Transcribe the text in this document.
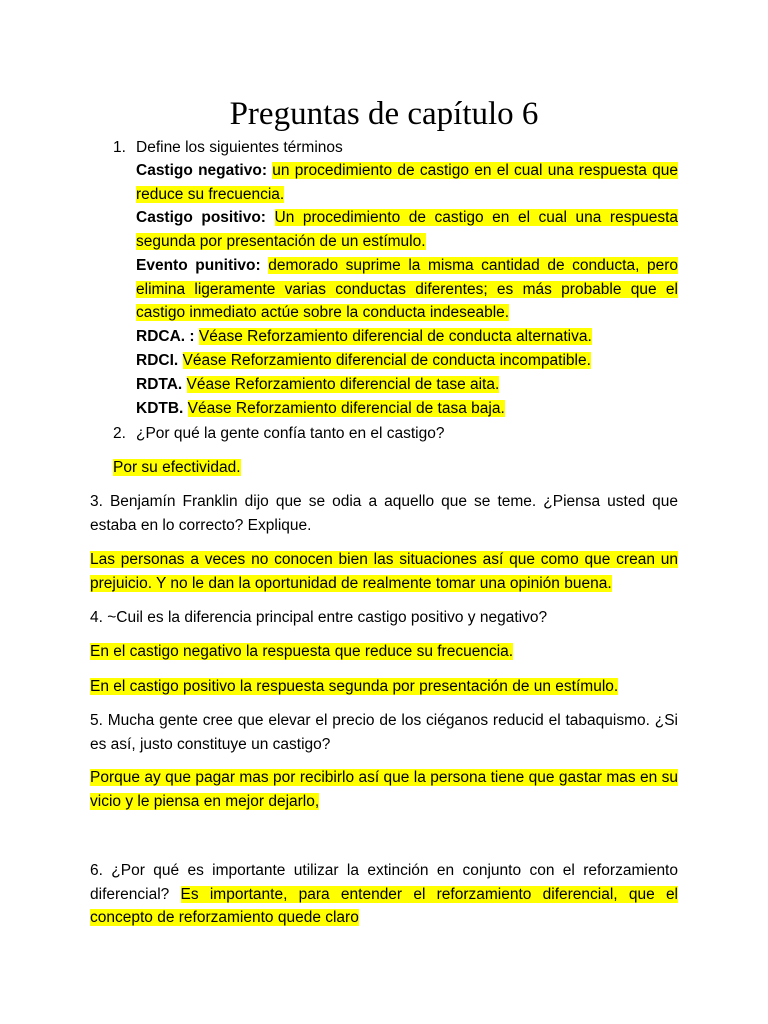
Preguntas de capítulo 6
1. Define los siguientes términos
Castigo negativo: un procedimiento de castigo en el cual una respuesta que reduce su frecuencia.
Castigo positivo: Un procedimiento de castigo en el cual una respuesta segunda por presentación de un estímulo.
Evento punitivo: demorado suprime la misma cantidad de conducta, pero elimina ligeramente varias conductas diferentes; es más probable que el castigo inmediato actúe sobre la conducta indeseable.
RDCA. : Véase Reforzamiento diferencial de conducta alternativa.
RDCI. Véase Reforzamiento diferencial de conducta incompatible.
RDTA. Véase Reforzamiento diferencial de tase aita.
KDTB. Véase Reforzamiento diferencial de tasa baja.
2. ¿Por qué la gente confía tanto en el castigo?
Por su efectividad.
3. Benjamín Franklin dijo que se odia a aquello que se teme. ¿Piensa usted que estaba en lo correcto? Explique.
Las personas a veces no conocen bien las situaciones así que como que crean un prejuicio. Y no le dan la oportunidad de realmente tomar una opinión buena.
4. ~Cuil es la diferencia principal entre castigo positivo y negativo?
En el castigo negativo la respuesta que reduce su frecuencia.
En el castigo positivo la respuesta segunda por presentación de un estímulo.
5. Mucha gente cree que elevar el precio de los ciéganos reducid el tabaquismo. ¿Si es así, justo constituye un castigo?
Porque ay que pagar mas por recibirlo así que la persona tiene que gastar mas en su vicio y le piensa en mejor dejarlo,
6. ¿Por qué es importante utilizar la extinción en conjunto con el reforzamiento diferencial? Es importante, para entender el reforzamiento diferencial, que el concepto de reforzamiento quede claro
